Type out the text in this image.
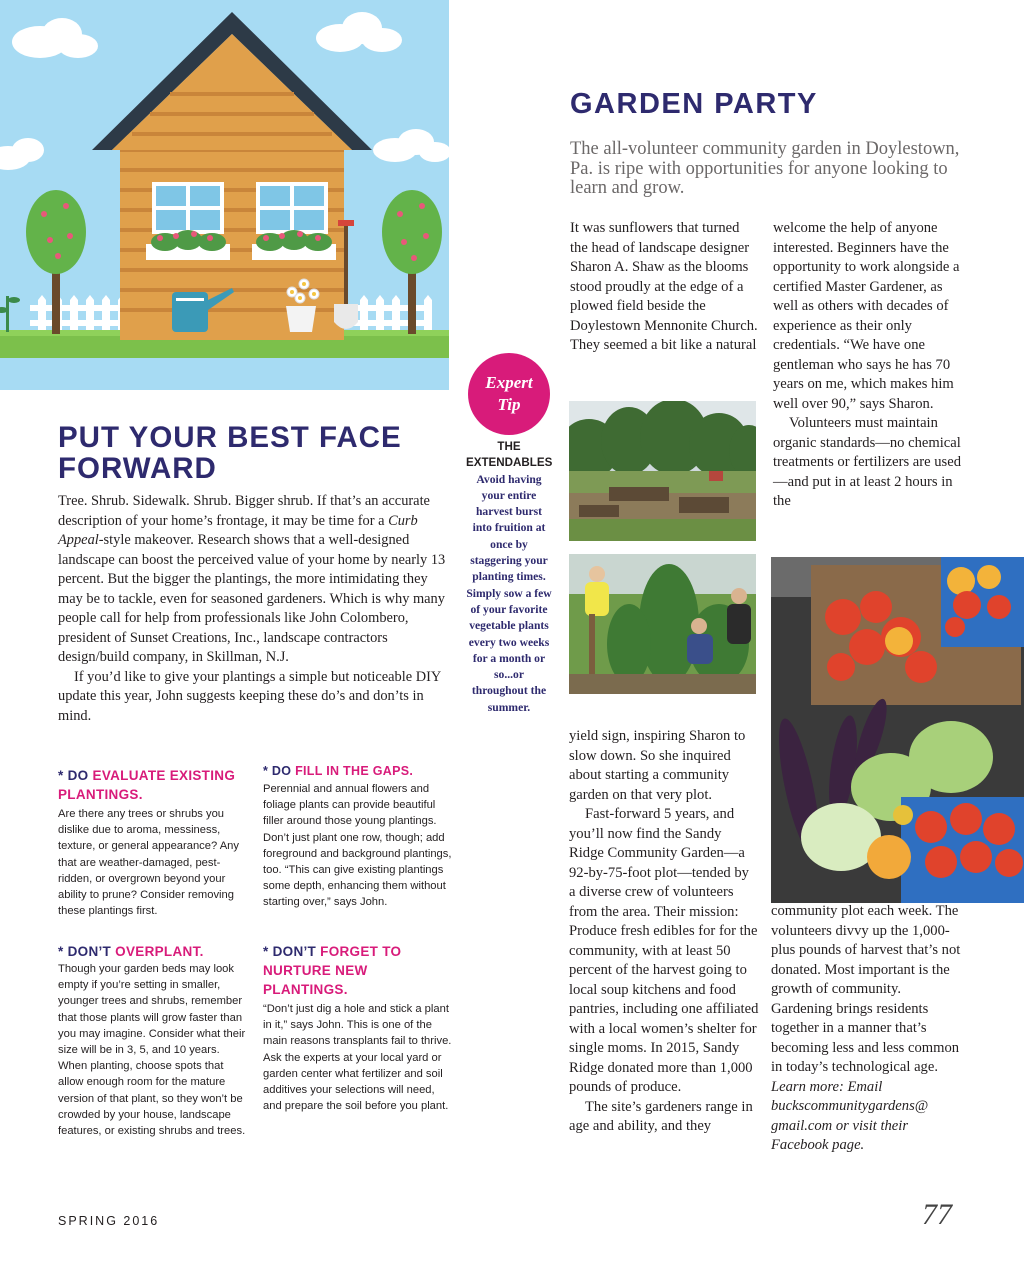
GARDEN PARTY

The all-volunteer community garden in Doylestown, Pa. is ripe with opportunities for anyone looking to learn and grow.

It was sunflowers that turned the head of landscape designer Sharon A. Shaw as the blooms stood proudly at the edge of a plowed field beside the Doylestown Mennonite Church. They seemed a bit like a natural

welcome the help of anyone interested. Beginners have the opportunity to work alongside a certified Master Gardener, as well as others with decades of experience as their only credentials. “We have one gentleman who says he has 70 years on me, which makes him well over 90,” says Sharon.

Volunteers must maintain organic standards—no chemical treatments or fertilizers are used—and put in at least 2 hours in the

yield sign, inspiring Sharon to slow down. So she inquired about starting a community garden on that very plot.

Fast-forward 5 years, and you’ll now find the Sandy Ridge Community Garden—a 92-by-75-foot plot—tended by a diverse crew of volunteers from the area. Their mission: Produce fresh edibles for for the community, with at least 50 percent of the harvest going to local soup kitchens and food pantries, including one affiliated with a local women’s shelter for single moms. In 2015, Sandy Ridge donated more than 1,000 pounds of produce.

The site’s gardeners range in age and ability, and they

community plot each week. The volunteers divvy up the 1,000-plus pounds of harvest that’s not donated. Most important is the growth of community. Gardening brings residents together in a manner that’s becoming less and less common in today’s technological age.

Learn more: Email buckscommunitygardens@ gmail.com or visit their Facebook page.

Expert
Tip
THE
EXTENDABLES
Avoid having your entire harvest burst into fruition at once by staggering your planting times. Simply sow a few of your favorite vegetable plants every two weeks for a month or so...or throughout the summer.
PUT YOUR BEST FACE FORWARD

Tree. Shrub. Sidewalk. Shrub. Bigger shrub. If that’s an accurate description of your home’s frontage, it may be time for a Curb Appeal-style makeover. Research shows that a well-designed landscape can boost the perceived value of your home by nearly 13 percent. But the bigger the plantings, the more intimidating they may be to tackle, even for seasoned gardeners. Which is why many people call for help from professionals like John Colombero, president of Sunset Creations, Inc., landscape contractors design/build company, in Skillman, N.J.

If you’d like to give your plantings a simple but noticeable DIY update this year, John suggests keeping these do’s and don’ts in mind.

* DO EVALUATE EXISTING PLANTINGS.

Are there any trees or shrubs you dislike due to aroma, messiness, texture, or general appearance? Any that are weather-damaged, pest-ridden, or overgrown beyond your ability to prune? Consider removing these plantings first.

* DO FILL IN THE GAPS. Perennial and annual flowers and foliage plants can provide beautiful filler around those young plantings. Don’t just plant one row, though; add foreground and background plantings, too. “This can give existing plantings some depth, enhancing them without starting over,” says John.

* DON’T OVERPLANT.

Though your garden beds may look empty if you’re setting in smaller, younger trees and shrubs, remember that those plants will grow faster than you may imagine. Consider what their size will be in 3, 5, and 10 years. When planting, choose spots that allow enough room for the mature version of that plant, so they won’t be crowded by your house, landscape features, or existing shrubs and trees.

* DON’T FORGET TO NURTURE NEW PLANTINGS.

“Don’t just dig a hole and stick a plant in it,” says John. This is one of the main reasons transplants fail to thrive. Ask the experts at your local yard or garden center what fertilizer and soil additives your selections will need, and prepare the soil before you plant.

SPRING 2016	77
